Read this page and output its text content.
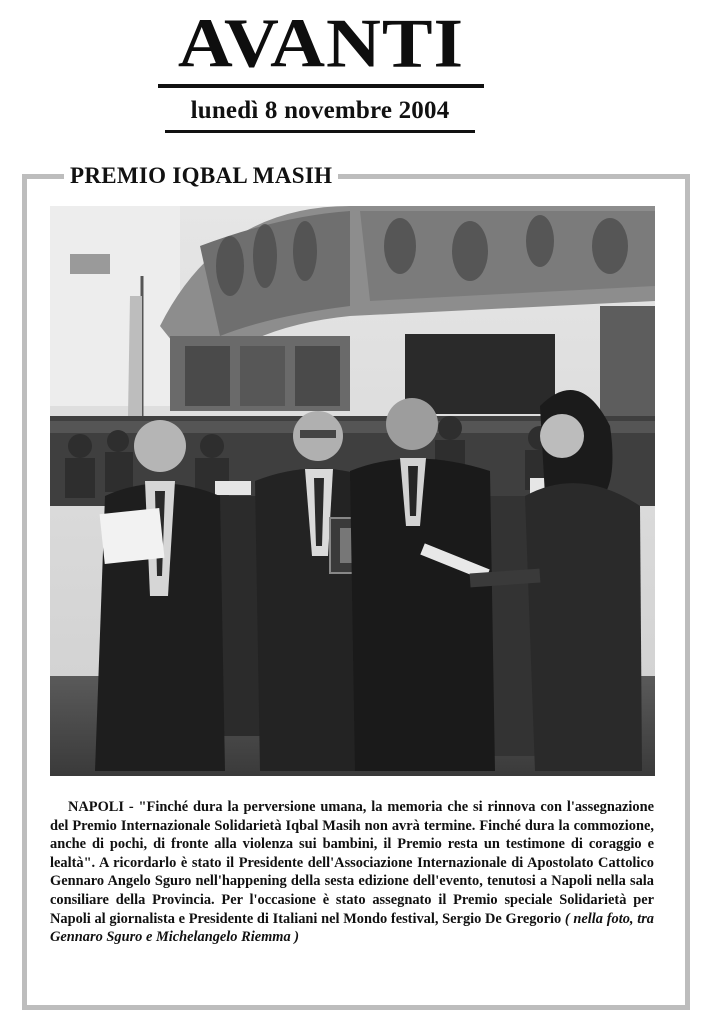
AVANTI
lunedì 8 novembre 2004
PREMIO IQBAL MASIH
NAPOLI - "Finché dura la perversione umana, la memoria che si rinnova con l'assegnazione del Premio Internazionale Solidarietà Iqbal Masih non avrà termine. Finché dura la commozione, anche di pochi, di fronte alla violenza sui bambini, il Premio resta un testimone di coraggio e lealtà". A ricordarlo è stato il Presidente dell'Associazione Internazionale di Apostolato Cattolico Gennaro Angelo Sguro nell'happening della sesta edizione dell'evento, tenutosi a Napoli nella sala consiliare della Provincia. Per l'occasione è stato assegnato il Premio speciale Solidarietà per Napoli al giornalista e Presidente di Italiani nel Mondo festival, Sergio De Gregorio ( nella foto, tra Gennaro Sguro e Michelangelo Riemma )
